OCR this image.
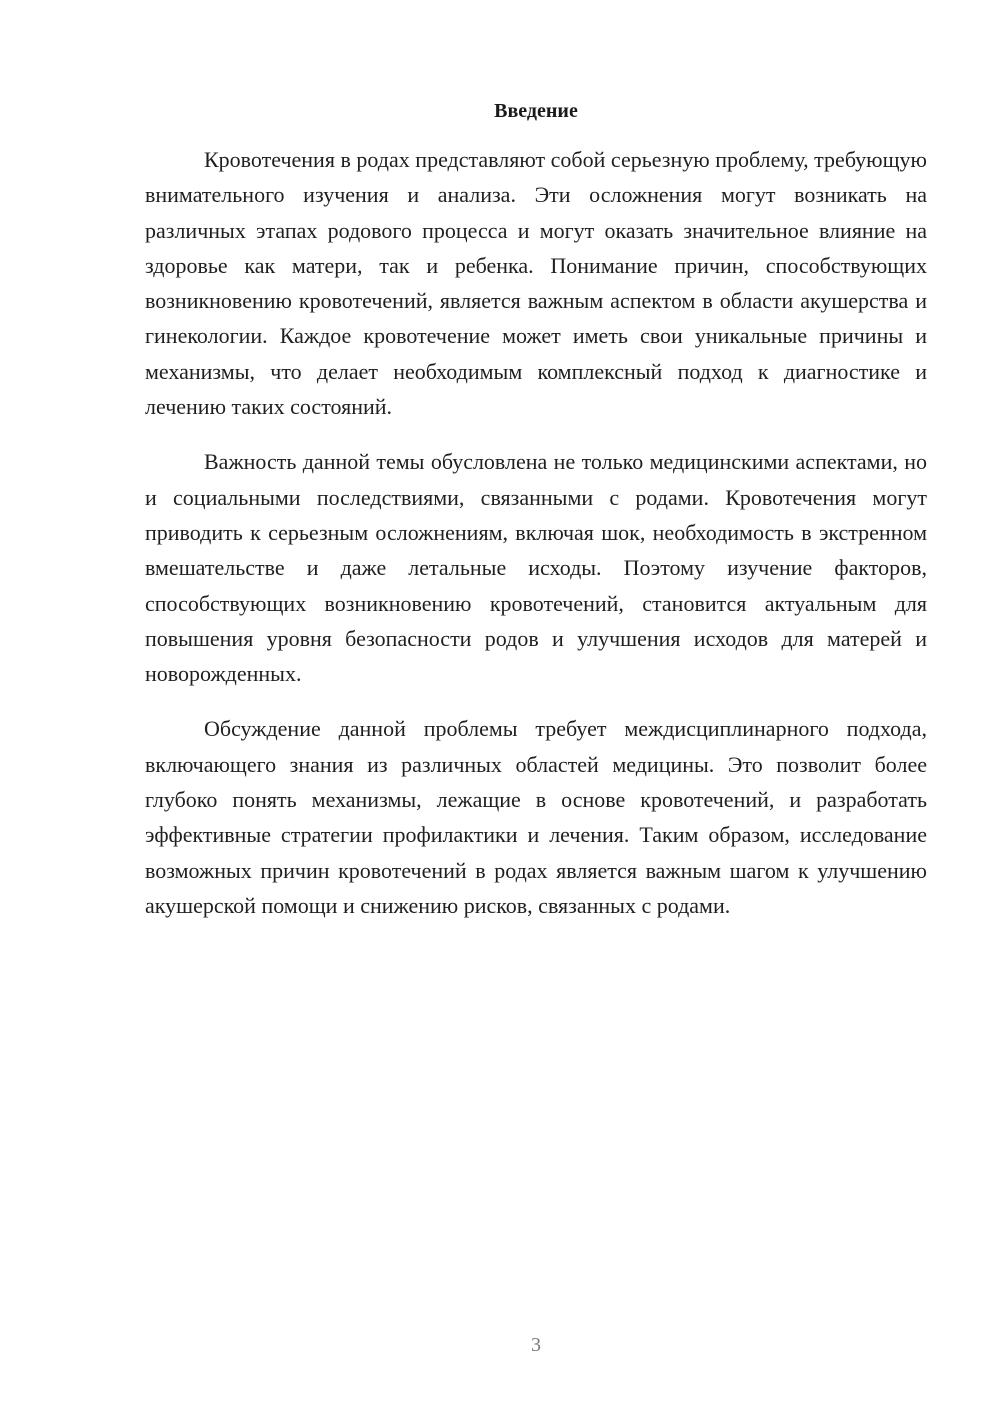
Введение

Кровотечения в родах представляют собой серьезную проблему, требующую внимательного изучения и анализа. Эти осложнения могут возникать на различных этапах родового процесса и могут оказать значительное влияние на здоровье как матери, так и ребенка. Понимание причин, способствующих возникновению кровотечений, является важным аспектом в области акушерства и гинекологии. Каждое кровотечение может иметь свои уникальные причины и механизмы, что делает необходимым комплексный подход к диагностике и лечению таких состояний.

Важность данной темы обусловлена не только медицинскими аспектами, но и социальными последствиями, связанными с родами. Кровотечения могут приводить к серьезным осложнениям, включая шок, необходимость в экстренном вмешательстве и даже летальные исходы. Поэтому изучение факторов, способствующих возникновению кровотечений, становится актуальным для повышения уровня безопасности родов и улучшения исходов для матерей и новорожденных.

Обсуждение данной проблемы требует междисциплинарного подхода, включающего знания из различных областей медицины. Это позволит более глубоко понять механизмы, лежащие в основе кровотечений, и разработать эффективные стратегии профилактики и лечения. Таким образом, исследование возможных причин кровотечений в родах является важным шагом к улучшению акушерской помощи и снижению рисков, связанных с родами.

3
